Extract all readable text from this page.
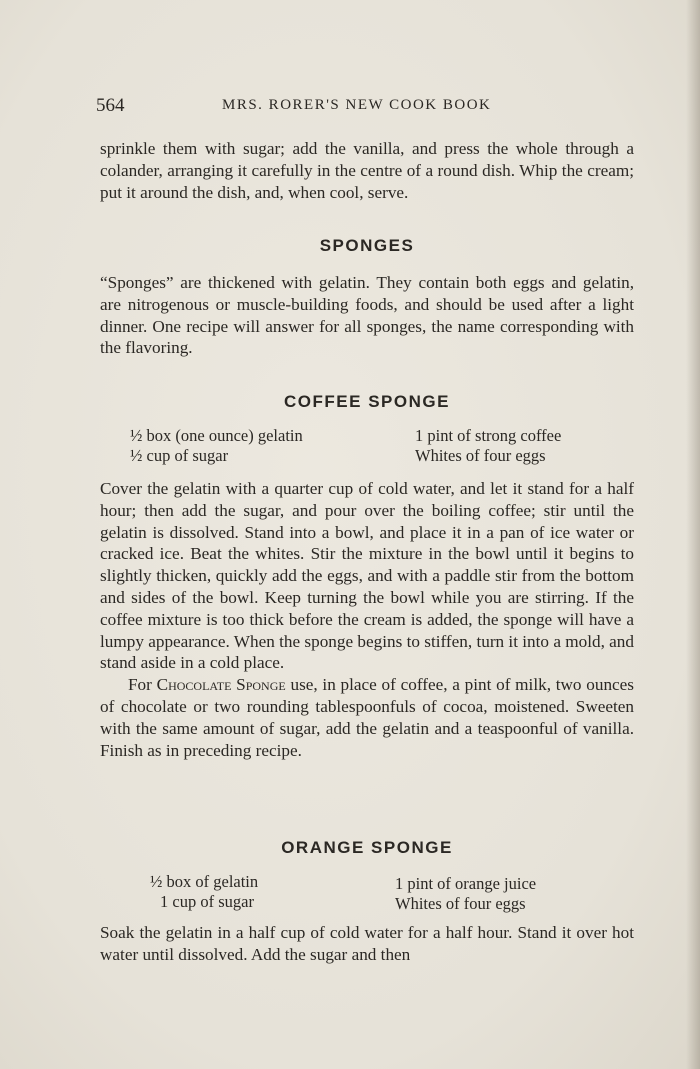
564	MRS. RORER'S NEW COOK BOOK

sprinkle them with sugar; add the vanilla, and press the whole through a colander, arranging it carefully in the centre of a round dish. Whip the cream; put it around the dish, and, when cool, serve.

SPONGES

“Sponges” are thickened with gelatin. They contain both eggs and gelatin, are nitrogenous or muscle-building foods, and should be used after a light dinner. One recipe will answer for all sponges, the name corresponding with the flavoring.

COFFEE SPONGE
½ box (one ounce) gelatin
½ cup of sugar
1 pint of strong coffee
Whites of four eggs

Cover the gelatin with a quarter cup of cold water, and let it stand for a half hour; then add the sugar, and pour over the boiling coffee; stir until the gelatin is dissolved. Stand into a bowl, and place it in a pan of ice water or cracked ice. Beat the whites. Stir the mixture in the bowl until it begins to slightly thicken, quickly add the eggs, and with a paddle stir from the bottom and sides of the bowl. Keep turning the bowl while you are stirring. If the coffee mixture is too thick before the cream is added, the sponge will have a lumpy appearance. When the sponge begins to stiffen, turn it into a mold, and stand aside in a cold place.

For Chocolate Sponge use, in place of coffee, a pint of milk, two ounces of chocolate or two rounding tablespoonfuls of cocoa, moistened. Sweeten with the same amount of sugar, add the gelatin and a teaspoonful of vanilla. Finish as in preceding recipe.

ORANGE SPONGE
½ box of gelatin
1 cup of sugar
1 pint of orange juice
Whites of four eggs

Soak the gelatin in a half cup of cold water for a half hour. Stand it over hot water until dissolved. Add the sugar and then
